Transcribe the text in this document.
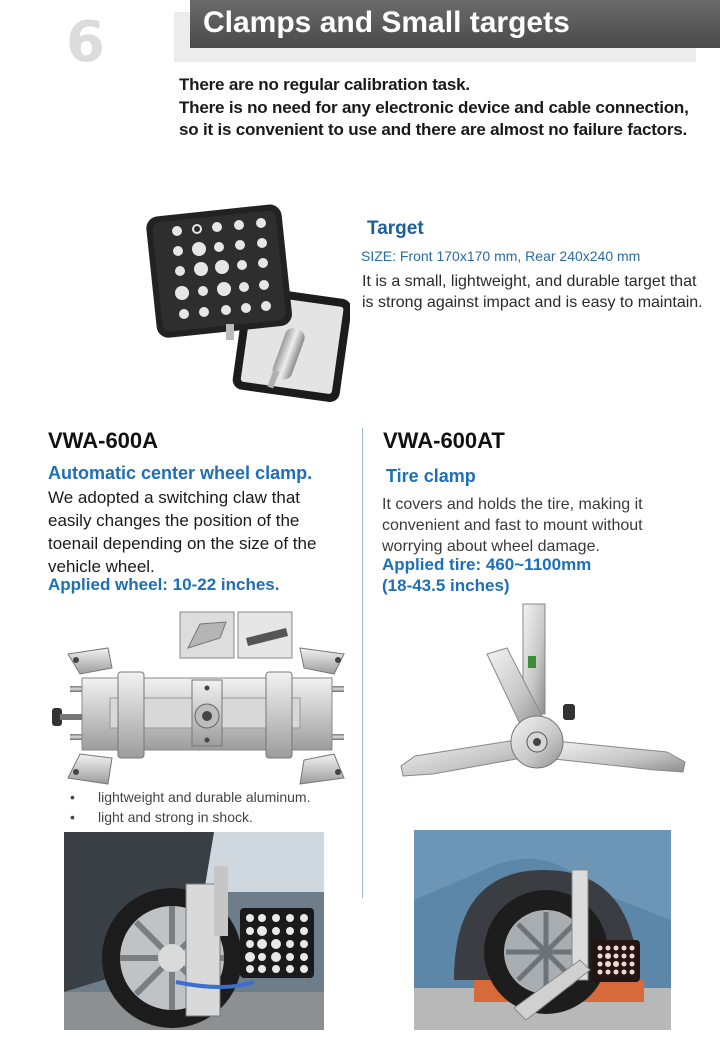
6	Clamps and Small targets
There are no regular calibration task.
There is no need for any electronic device and cable connection, so it is convenient to use and there are almost no failure factors.
Target
SIZE: Front 170x170 mm, Rear 240x240 mm
It is a small, lightweight, and durable target that is strong against impact and is easy to maintain.
VWA-600A
Automatic center wheel clamp.
We adopted a switching claw that easily changes the position of the toenail depending on the size of the vehicle wheel.
Applied wheel: 10-22 inches.
VWA-600AT
Tire clamp
It covers and holds the tire, making it convenient and fast to mount without worrying about wheel damage.
Applied tire: 460~1100mm
(18-43.5 inches)
• lightweight and durable aluminum.
• light and strong in shock.
